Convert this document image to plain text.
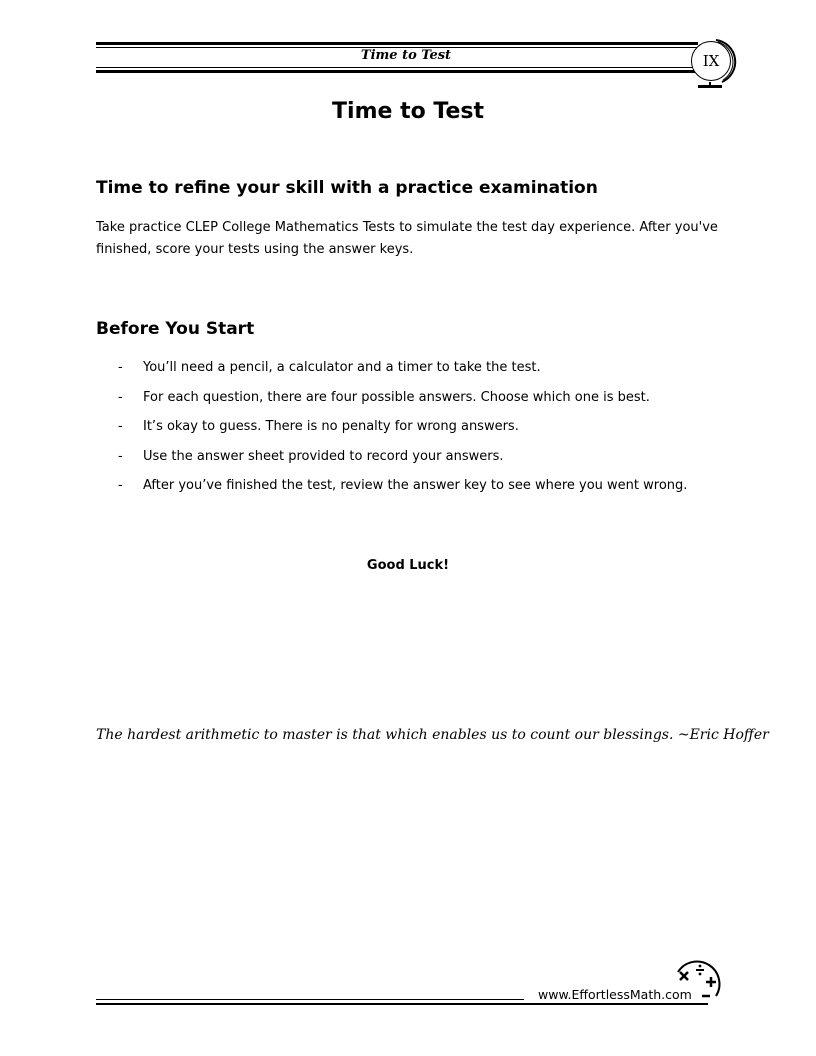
Time to Test	IX
Time to Test
Time to refine your skill with a practice examination
Take practice CLEP College Mathematics Tests to simulate the test day experience. After you've finished, score your tests using the answer keys.
Before You Start
- You’ll need a pencil, a calculator and a timer to take the test.
- For each question, there are four possible answers. Choose which one is best.
- It’s okay to guess. There is no penalty for wrong answers.
- Use the answer sheet provided to record your answers.
- After you’ve finished the test, review the answer key to see where you went wrong.
Good Luck!
The hardest arithmetic to master is that which enables us to count our blessings. ~Eric Hoffer
www.EffortlessMath.com
